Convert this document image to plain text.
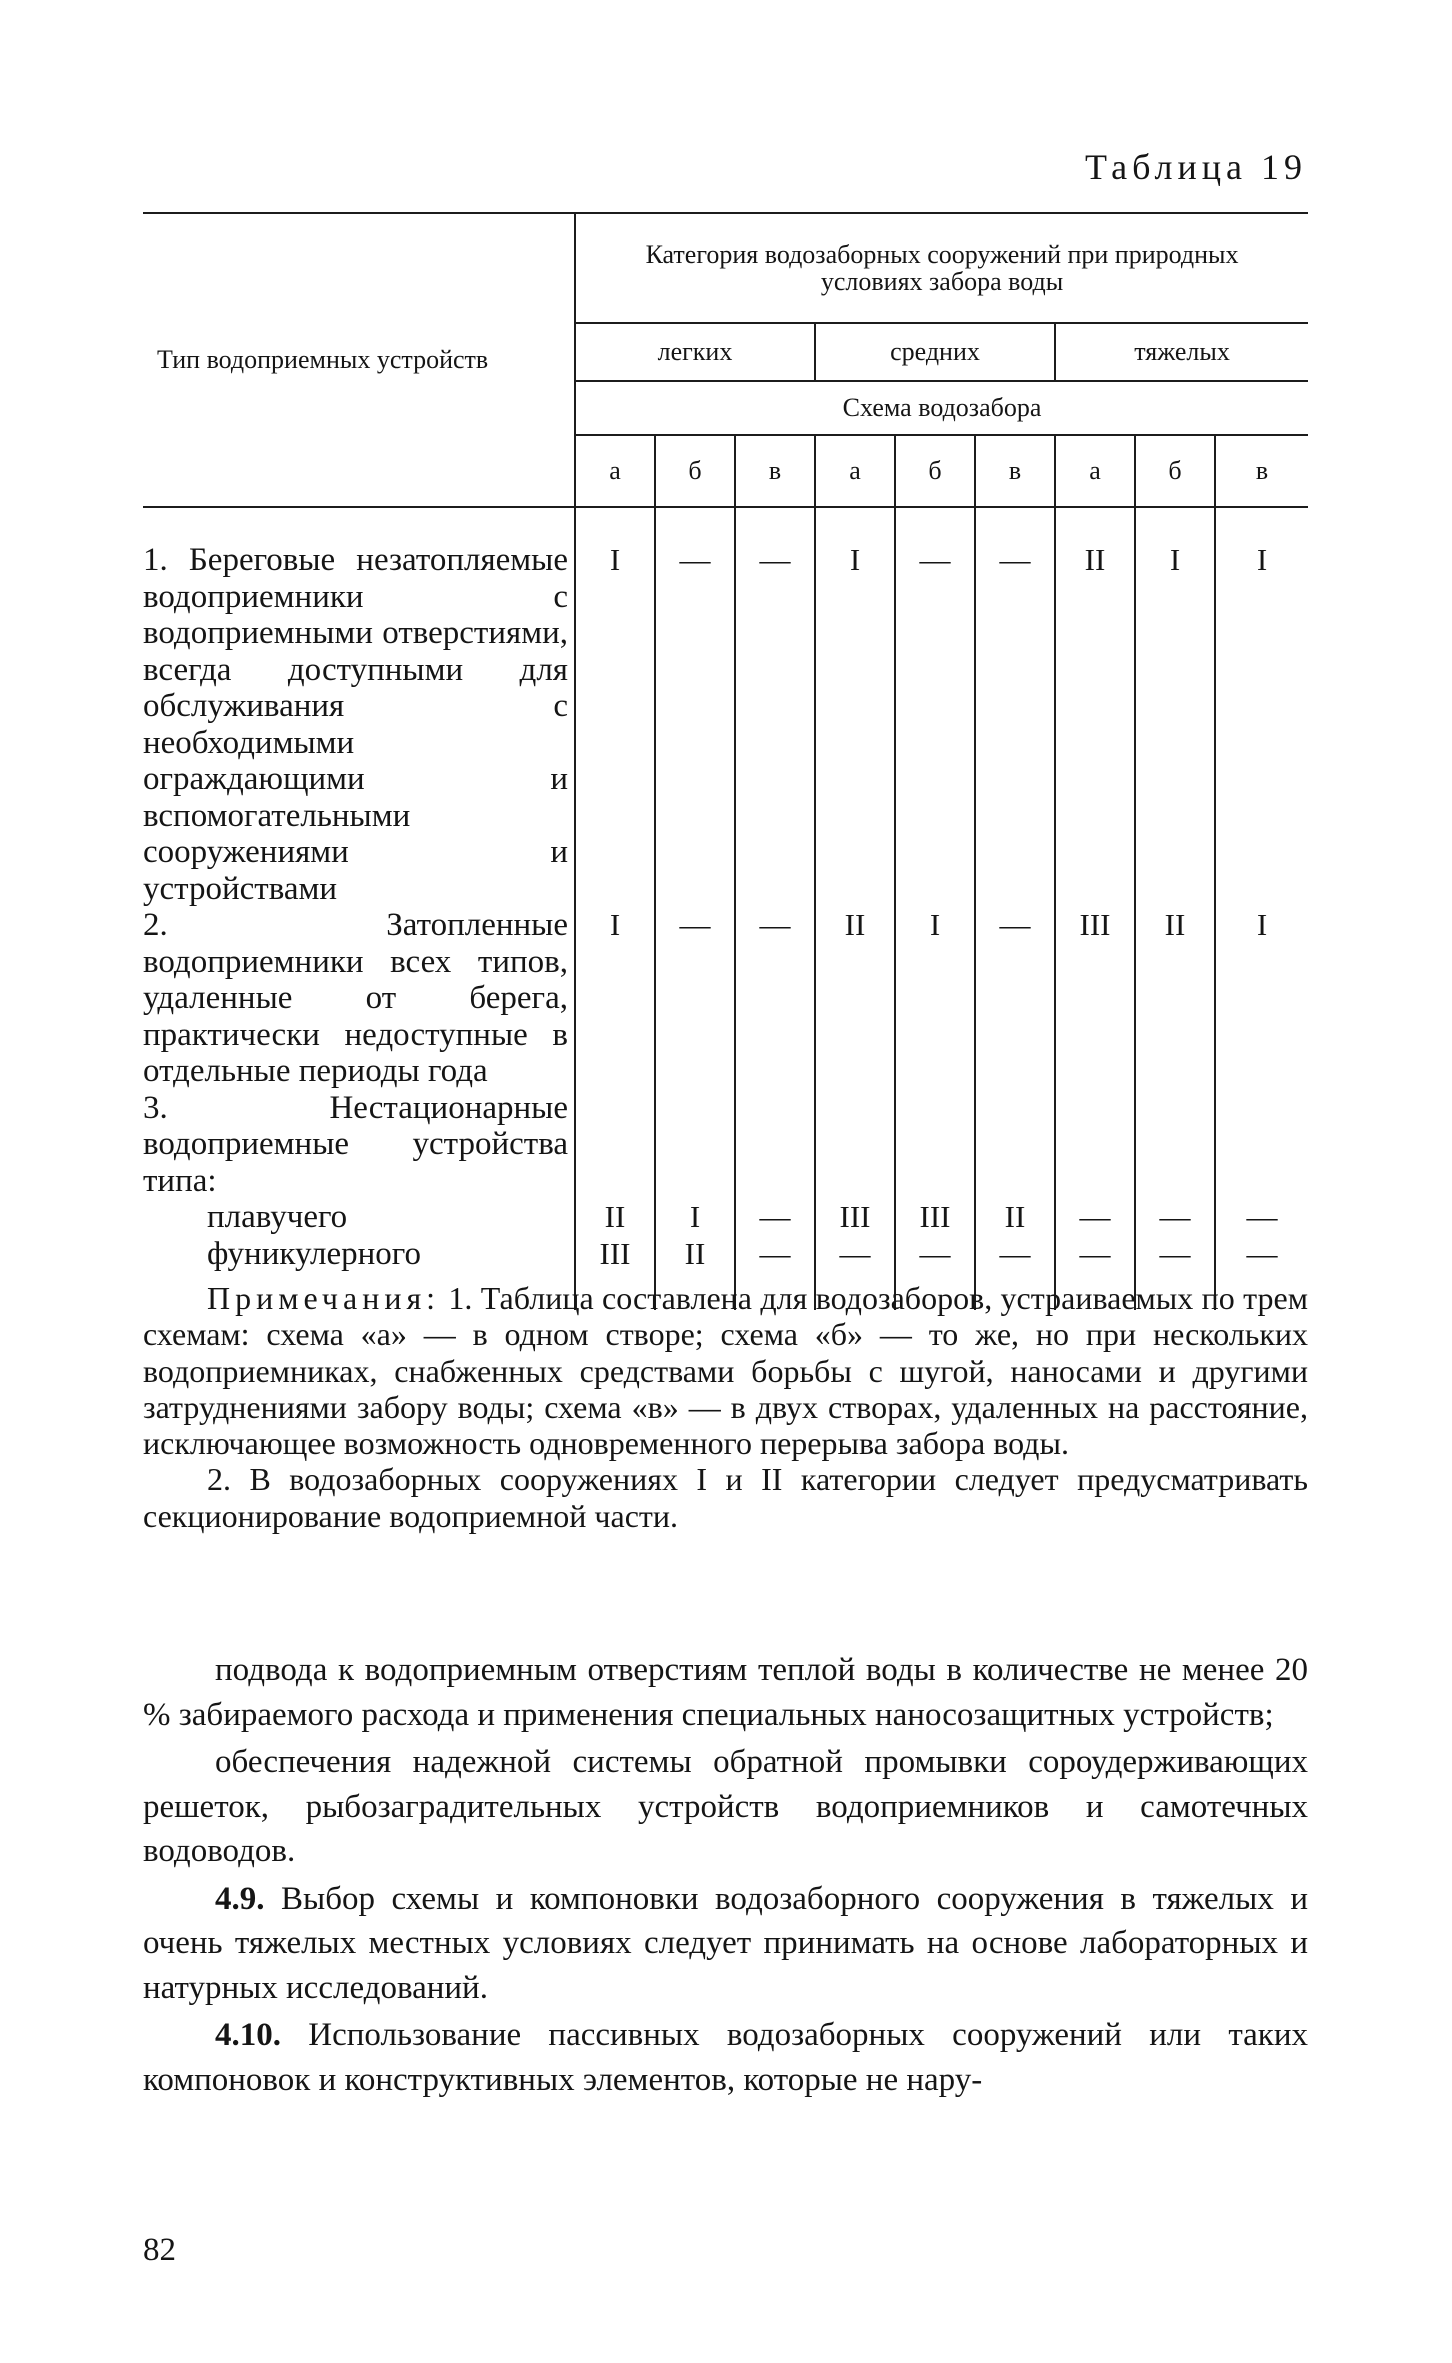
Таблица 19
Тип водоприемных устройств	Категория водозаборных сооружений при природных условиях забора воды								
	легких			средних			тяжелых		
	Схема водозабора								
	а	б	в	а	б	в	а	б	в
1. Береговые незатопляемые водоприемники с водоприемными отверстиями, всегда доступными для обслуживания с необходимыми ограждающими и вспомогательными сооружениями и устройствами	I	—	—	I	—	—	II	I	I
2. Затопленные водоприемники всех типов, удаленные от берега, практически недоступные в отдельные периоды года	I	—	—	II	I	—	III	II	I
3. Нестационарные водоприемные устройства типа:									

плавучего	II	I	—	III	III	II	—	—	—

фуникулерного	III	II	—	—	—	—	—	—	—

Примечания: 1. Таблица составлена для водозаборов, устраиваемых по трем схемам: схема «а» — в одном створе; схема «б» — то же, но при нескольких водоприемниках, снабженных средствами борьбы с шугой, наносами и другими затруднениями забору воды; схема «в» — в двух створах, удаленных на расстояние, исключающее возможность одновременного перерыва забора воды.

2. В водозаборных сооружениях I и II категории следует предусматривать секционирование водоприемной части.

подвода к водоприемным отверстиям теплой воды в количестве не менее 20 % забираемого расхода и применения специальных наносозащитных устройств;

обеспечения надежной системы обратной промывки сороудерживающих решеток, рыбозаградительных устройств водоприемников и самотечных водоводов.

4.9. Выбор схемы и компоновки водозаборного сооружения в тяжелых и очень тяжелых местных условиях следует принимать на основе лабораторных и натурных исследований.

4.10. Использование пассивных водозаборных сооружений или таких компоновок и конструктивных элементов, которые не нару-

82
